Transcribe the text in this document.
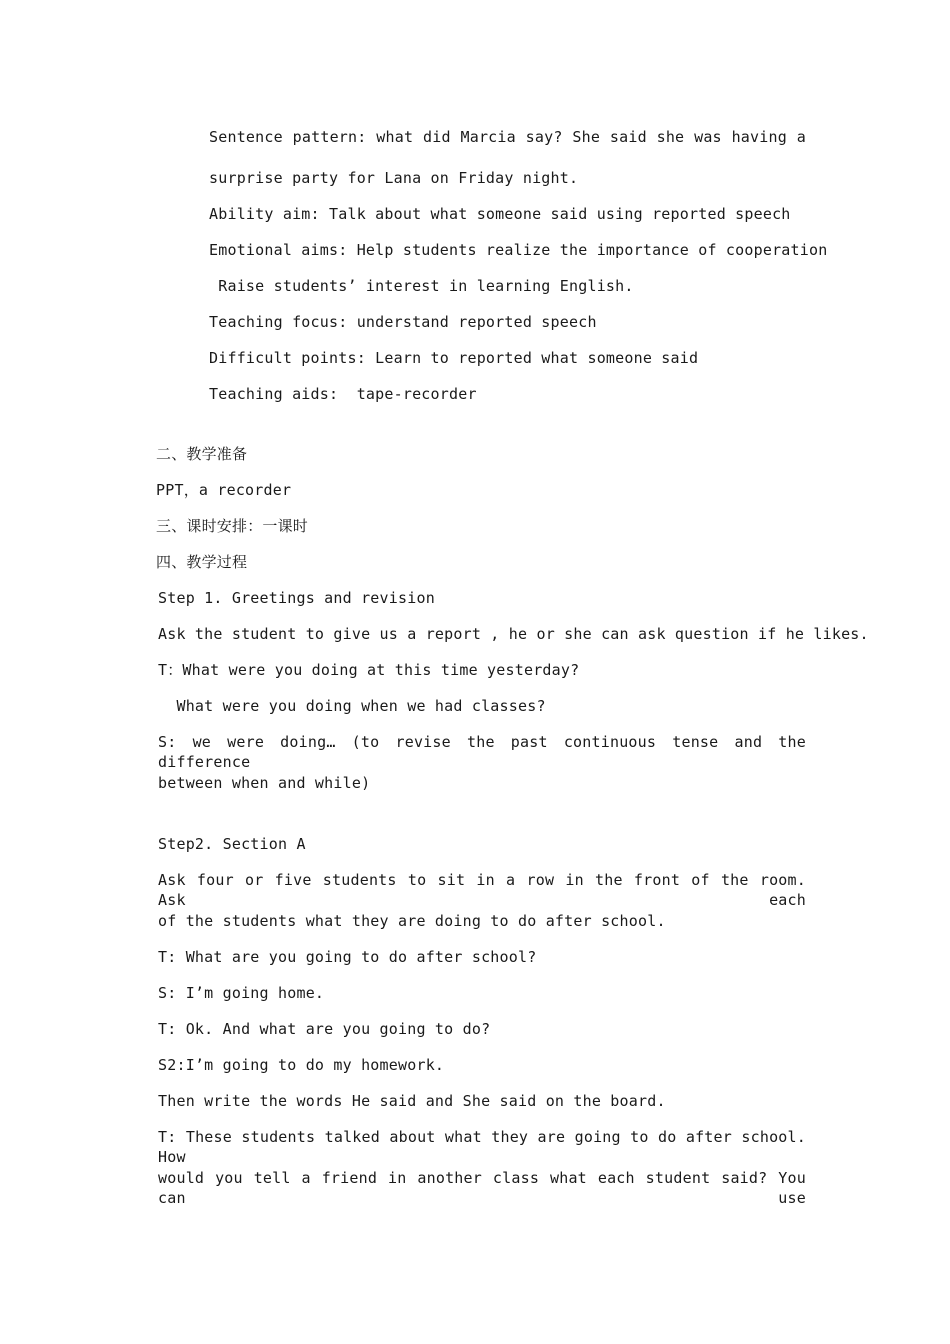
Sentence pattern: what did Marcia say? She said she was having a
surprise party for Lana on Friday night.
Ability aim: Talk about what someone said using reported speech
Emotional aims: Help students realize the importance of cooperation
Raise students’ interest in learning English.
Teaching focus: understand reported speech
Difficult points: Learn to reported what someone said
Teaching aids:  tape-recorder
二、教学准备
PPT，a recorder
三、课时安排：一课时
四、教学过程
Step 1. Greetings and revision
Ask the student to give us a report , he or she can ask question if he likes.
T：What were you doing at this time yesterday?
What were you doing when we had classes?
S: we were doing… (to revise the past continuous tense and the difference
between when and while)
Step2. Section A
Ask four or five students to sit in a row in the front of the room. Ask each
of the students what they are doing to do after school.
T: What are you going to do after school?
S: I’m going home.
T: Ok. And what are you going to do?
S2:I’m going to do my homework.
Then write the words He said and She said on the board.
T: These students talked about what they are going to do after school. How
would you tell a friend in another class what each student said? You can use
